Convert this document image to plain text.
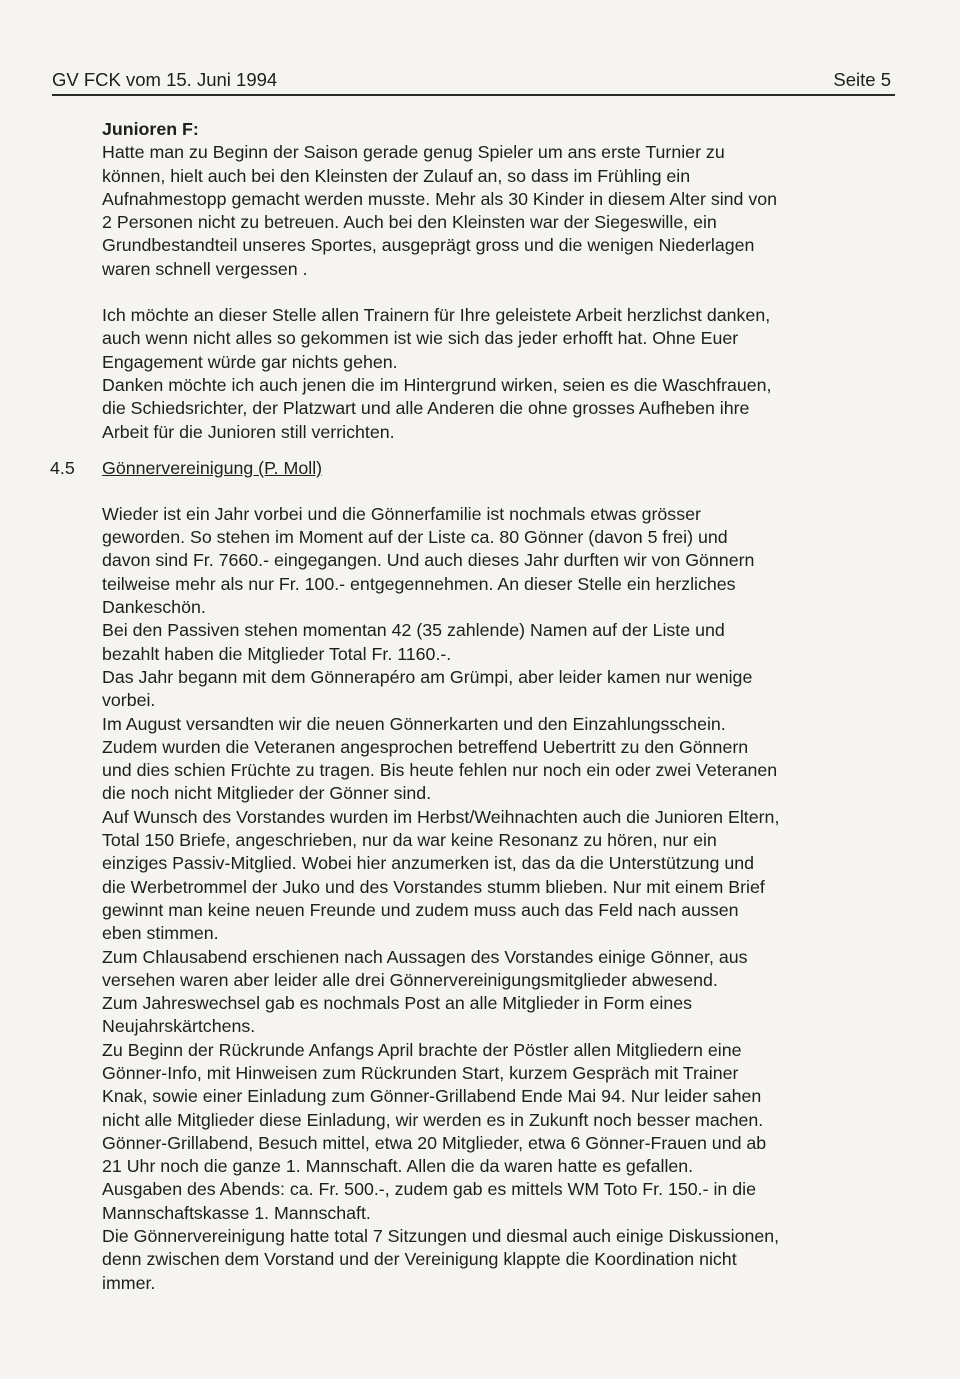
GV FCK vom 15. Juni 1994	Seite 5

Junioren F:

Hatte man zu Beginn der Saison gerade genug Spieler um ans erste Turnier zu

können, hielt auch bei den Kleinsten der Zulauf an, so dass im Frühling ein

Aufnahmestopp gemacht werden musste. Mehr als 30 Kinder in diesem Alter sind von

2 Personen nicht zu betreuen. Auch bei den Kleinsten war der Siegeswille, ein

Grundbestandteil unseres Sportes, ausgeprägt gross und die wenigen Niederlagen

waren schnell vergessen .

Ich möchte an dieser Stelle allen Trainern für Ihre geleistete Arbeit herzlichst danken,

auch wenn nicht alles so gekommen ist wie sich das jeder erhofft hat. Ohne Euer

Engagement würde gar nichts gehen.

Danken möchte ich auch jenen die im Hintergrund wirken, seien es die Waschfrauen,

die Schiedsrichter, der Platzwart und alle Anderen die ohne grosses Aufheben ihre

Arbeit für die Junioren still verrichten.

4.5 Gönnervereinigung (P. Moll)

Wieder ist ein Jahr vorbei und die Gönnerfamilie ist nochmals etwas grösser

geworden. So stehen im Moment auf der Liste ca. 80 Gönner (davon 5 frei) und

davon sind Fr. 7660.- eingegangen. Und auch dieses Jahr durften wir von Gönnern

teilweise mehr als nur Fr. 100.- entgegennehmen. An dieser Stelle ein herzliches

Dankeschön.

Bei den Passiven stehen momentan 42 (35 zahlende) Namen auf der Liste und

bezahlt haben die Mitglieder Total Fr. 1160.-.

Das Jahr begann mit dem Gönnerapéro am Grümpi, aber leider kamen nur wenige

vorbei.

Im August versandten wir die neuen Gönnerkarten und den Einzahlungsschein.

Zudem wurden die Veteranen angesprochen betreffend Uebertritt zu den Gönnern

und dies schien Früchte zu tragen. Bis heute fehlen nur noch ein oder zwei Veteranen

die noch nicht Mitglieder der Gönner sind.

Auf Wunsch des Vorstandes wurden im Herbst/Weihnachten auch die Junioren Eltern,

Total 150 Briefe, angeschrieben, nur da war keine Resonanz zu hören, nur ein

einziges Passiv-Mitglied. Wobei hier anzumerken ist, das da die Unterstützung und

die Werbetrommel der Juko und des Vorstandes stumm blieben. Nur mit einem Brief

gewinnt man keine neuen Freunde und zudem muss auch das Feld nach aussen

eben stimmen.

Zum Chlausabend erschienen nach Aussagen des Vorstandes einige Gönner, aus

versehen waren aber leider alle drei Gönnervereinigungsmitglieder abwesend.

Zum Jahreswechsel gab es nochmals Post an alle Mitglieder in Form eines

Neujahrskärtchens.

Zu Beginn der Rückrunde Anfangs April brachte der Pöstler allen Mitgliedern eine

Gönner-Info, mit Hinweisen zum Rückrunden Start, kurzem Gespräch mit Trainer

Knak, sowie einer Einladung zum Gönner-Grillabend Ende Mai 94. Nur leider sahen

nicht alle Mitglieder diese Einladung, wir werden es in Zukunft noch besser machen.

Gönner-Grillabend, Besuch mittel, etwa 20 Mitglieder, etwa 6 Gönner-Frauen und ab

21 Uhr noch die ganze 1. Mannschaft. Allen die da waren hatte es gefallen.

Ausgaben des Abends: ca. Fr. 500.-, zudem gab es mittels WM Toto Fr. 150.- in die

Mannschaftskasse 1. Mannschaft.

Die Gönnervereinigung hatte total 7 Sitzungen und diesmal auch einige Diskussionen,

denn zwischen dem Vorstand und der Vereinigung klappte die Koordination nicht

immer.
